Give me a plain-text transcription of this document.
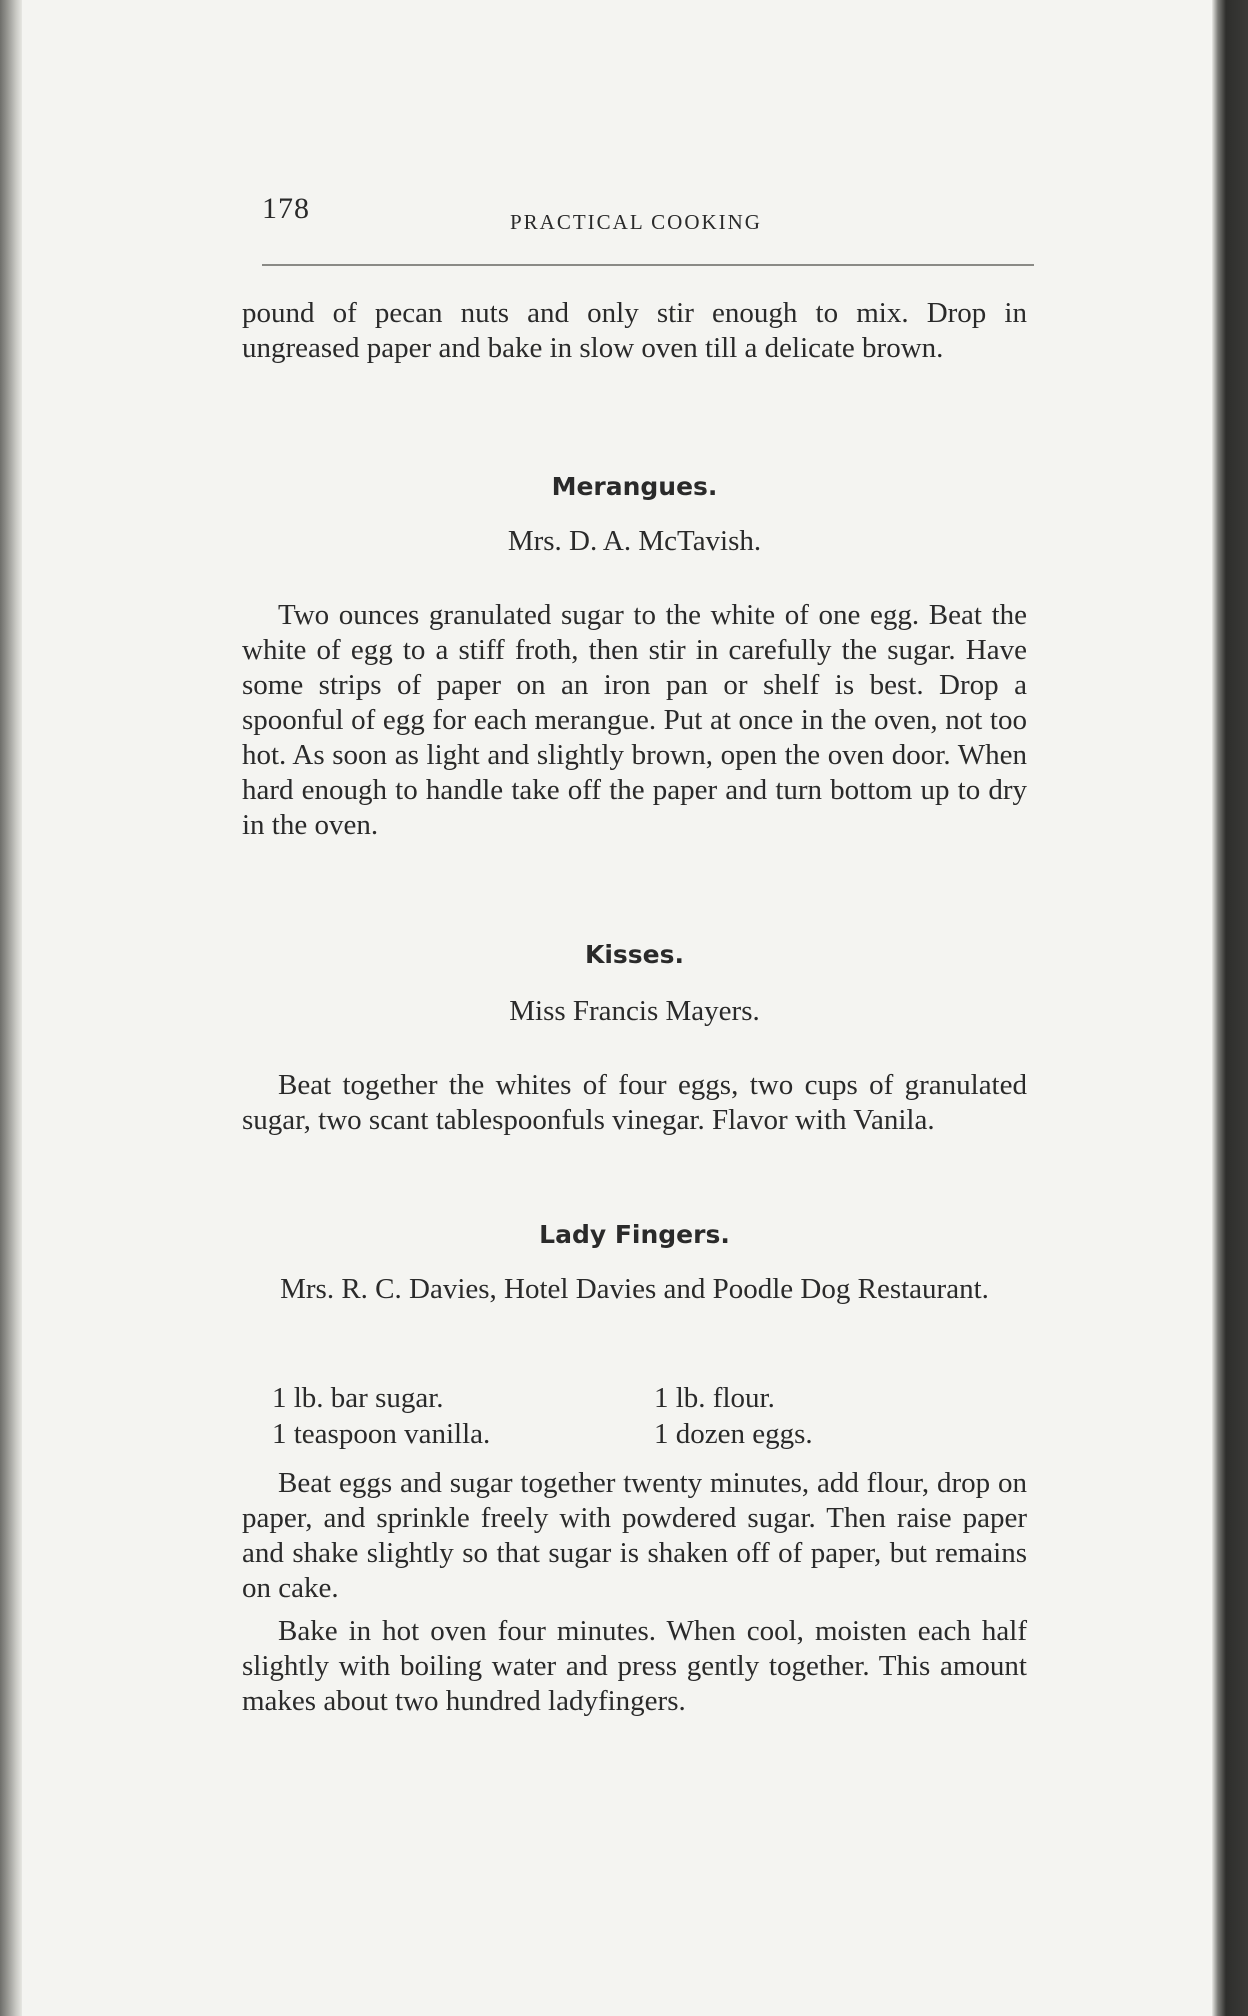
178	PRACTICAL COOKING

pound of pecan nuts and only stir enough to mix. Drop in ungreased paper and bake in slow oven till a delicate brown.

Merangues.
Mrs. D. A. McTavish.

Two ounces granulated sugar to the white of one egg. Beat the white of egg to a stiff froth, then stir in carefully the sugar. Have some strips of paper on an iron pan or shelf is best. Drop a spoonful of egg for each merangue. Put at once in the oven, not too hot. As soon as light and slightly brown, open the oven door. When hard enough to handle take off the paper and turn bottom up to dry in the oven.

Kisses.
Miss Francis Mayers.

Beat together the whites of four eggs, two cups of granulated sugar, two scant tablespoonfuls vinegar. Flavor with Vanila.

Lady Fingers.
Mrs. R. C. Davies, Hotel Davies and Poodle Dog Restaurant.
1 lb. bar sugar.
1 teaspoon vanilla.
1 lb. flour.
1 dozen eggs.

Beat eggs and sugar together twenty minutes, add flour, drop on paper, and sprinkle freely with powdered sugar. Then raise paper and shake slightly so that sugar is shaken off of paper, but remains on cake.

Bake in hot oven four minutes. When cool, moisten each half slightly with boiling water and press gently together. This amount makes about two hundred ladyfingers.
